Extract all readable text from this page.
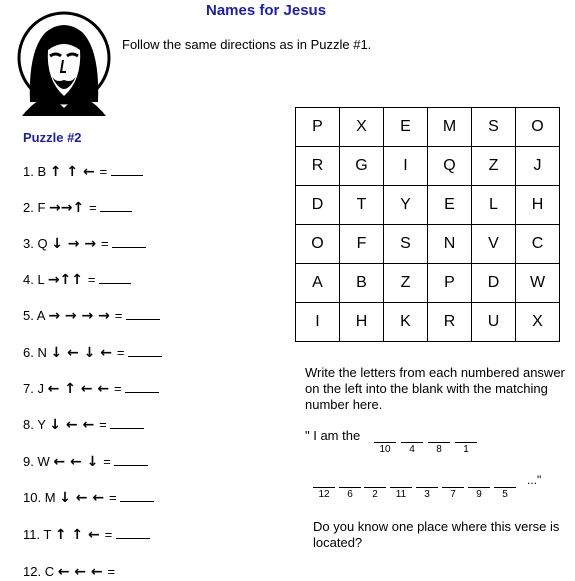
Names for Jesus
Follow the same directions as in Puzzle #1.
Puzzle #2
1. B ↑ ↑ ← =
2. F →→↑ =
3. Q ↓ → → =
4. L →↑↑ =
5. A → → → → =
6. N ↓ ← ↓ ← =
7. J ← ↑ ← ← =
8. Y ↓ ← ← =
9. W ← ← ↓ =
10. M ↓ ← ← =
11. T ↑ ↑ ← =
12. C ← ← ← =
P	X	E	M	S	O
R	G	I	Q	Z	J
D	T	Y	E	L	H
O	F	S	N	V	C
A	B	Z	P	D	W
I	H	K	R	U	X
Write the letters from each numbered answer on the left into the blank with the matching number here.
" I am the
10	4	8	1
12	6	2	11	3	7	9	5
..."
Do you know one place where this verse is located?
